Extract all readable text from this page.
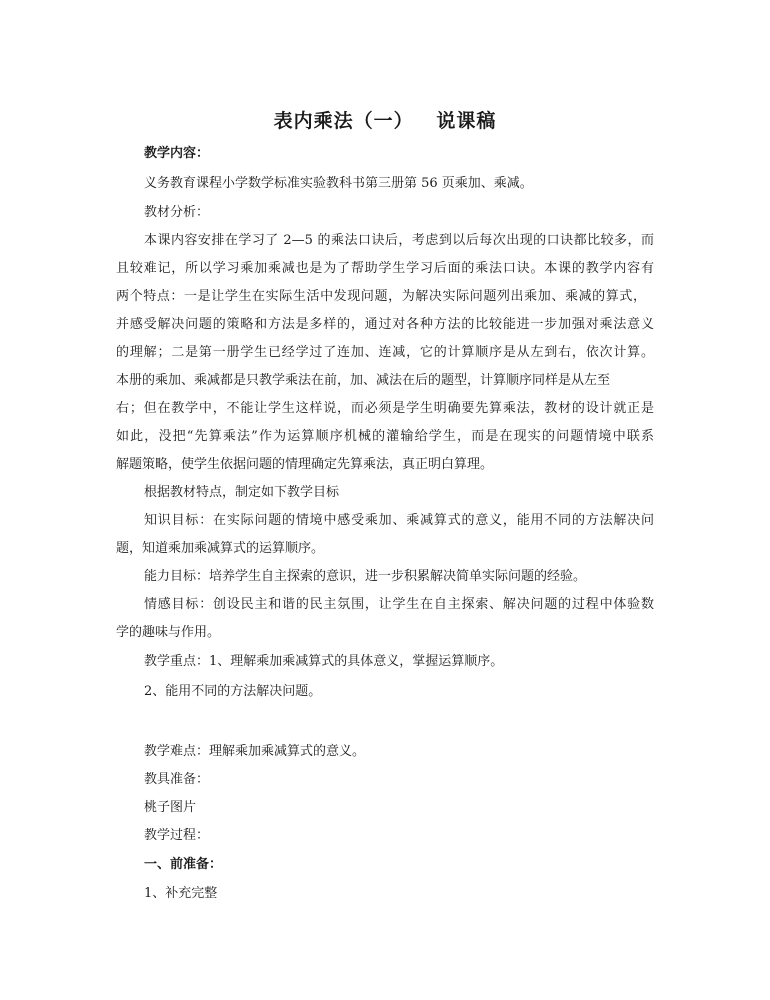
表内乘法（一）   说课稿
教学内容：
义务教育课程小学数学标准实验教科书第三册第 56 页乘加、乘减。
教材分析：
本课内容安排在学习了 2—5 的乘法口诀后，考虑到以后每次出现的口诀都比较多，而
且较难记，所以学习乘加乘减也是为了帮助学生学习后面的乘法口诀。本课的教学内容有
两个特点：一是让学生在实际生活中发现问题，为解决实际问题列出乘加、乘减的算式，
并感受解决问题的策略和方法是多样的，通过对各种方法的比较能进一步加强对乘法意义
的理解；二是第一册学生已经学过了连加、连减，它的计算顺序是从左到右，依次计算。
本册的乘加、乘减都是只教学乘法在前，加、减法在后的题型，计算顺序同样是从左至
右；但在教学中，不能让学生这样说，而必须是学生明确要先算乘法，教材的设计就正是
如此，没把“先算乘法”作为运算顺序机械的灌输给学生，而是在现实的问题情境中联系
解题策略，使学生依据问题的情理确定先算乘法，真正明白算理。
根据教材特点，制定如下教学目标
知识目标：在实际问题的情境中感受乘加、乘减算式的意义，能用不同的方法解决问
题，知道乘加乘减算式的运算顺序。
能力目标：培养学生自主探索的意识，进一步积累解决简单实际问题的经验。
情感目标：创设民主和谐的民主氛围，让学生在自主探索、解决问题的过程中体验数
学的趣味与作用。
教学重点：1、理解乘加乘减算式的具体意义，掌握运算顺序。
2、能用不同的方法解决问题。
教学难点：理解乘加乘减算式的意义。
教具准备：
桃子图片
教学过程：
一、前准备：
1、补充完整
